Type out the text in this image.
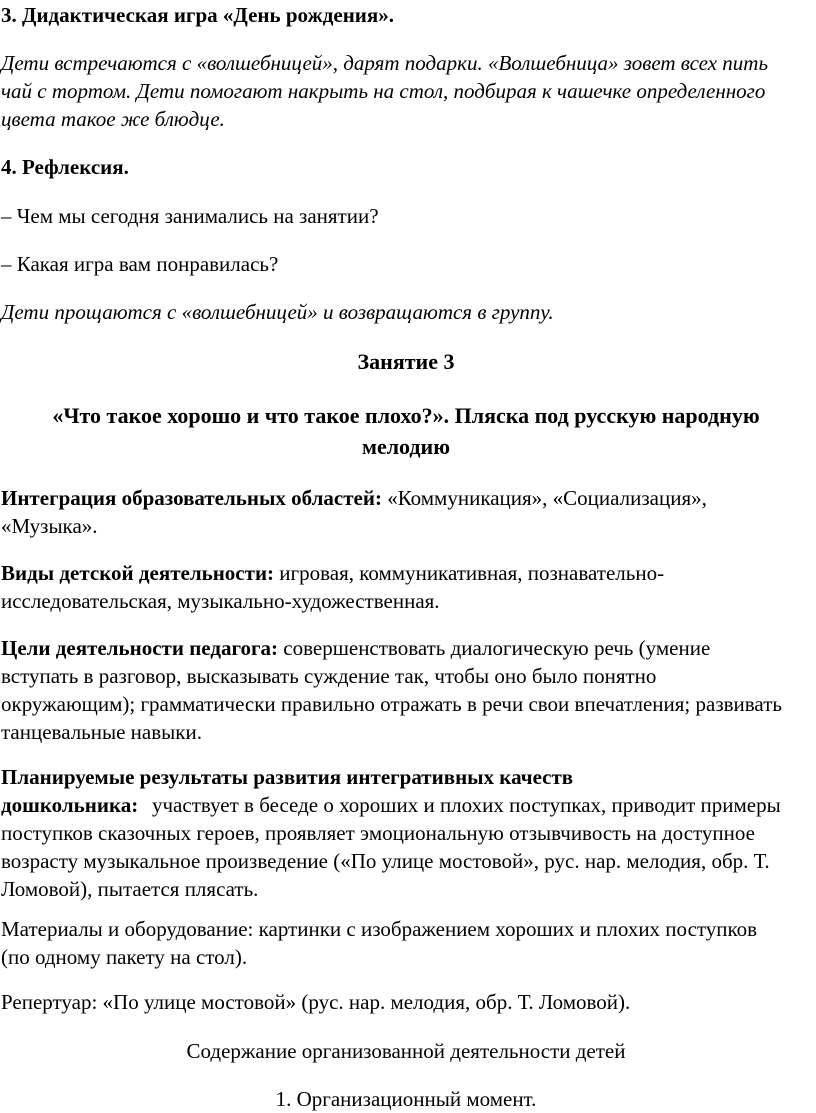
3. Дидактическая игра «День рождения».

Дети встречаются с «волшебницей», дарят подарки. «Волшебница» зовет всех пить чай с тортом. Дети помогают накрыть на стол, подбирая к чашечке определенного цвета такое же блюдце.

4. Рефлексия.

– Чем мы сегодня занимались на занятии?

– Какая игра вам понравилась?

Дети прощаются с «волшебницей» и возвращаются в группу.

Занятие 3

«Что такое хорошо и что такое плохо?». Пляска под русскую народную мелодию

Интеграция образовательных областей: «Коммуникация», «Социализация», «Музыка».

Виды детской деятельности: игровая, коммуникативная, познавательно-исследовательская, музыкально-художественная.

Цели деятельности педагога: совершенствовать диалогическую речь (умение вступать в разговор, высказывать суждение так, чтобы оно было понятно окружающим); грамматически правильно отражать в речи свои впечатления; развивать танцевальные навыки.

Планируемые результаты развития интегративных качеств дошкольника: участвует в беседе о хороших и плохих поступках, приводит примеры поступков сказочных героев, проявляет эмоциональную отзывчивость на доступное возрасту музыкальное произведение («По улице мостовой», рус. нар. мелодия, обр. Т. Ломовой), пытается плясать.

Материалы и оборудование: картинки с изображением хороших и плохих поступков (по одному пакету на стол).

Репертуар: «По улице мостовой» (рус. нар. мелодия, обр. Т. Ломовой).

Содержание организованной деятельности детей

1. Организационный момент.
